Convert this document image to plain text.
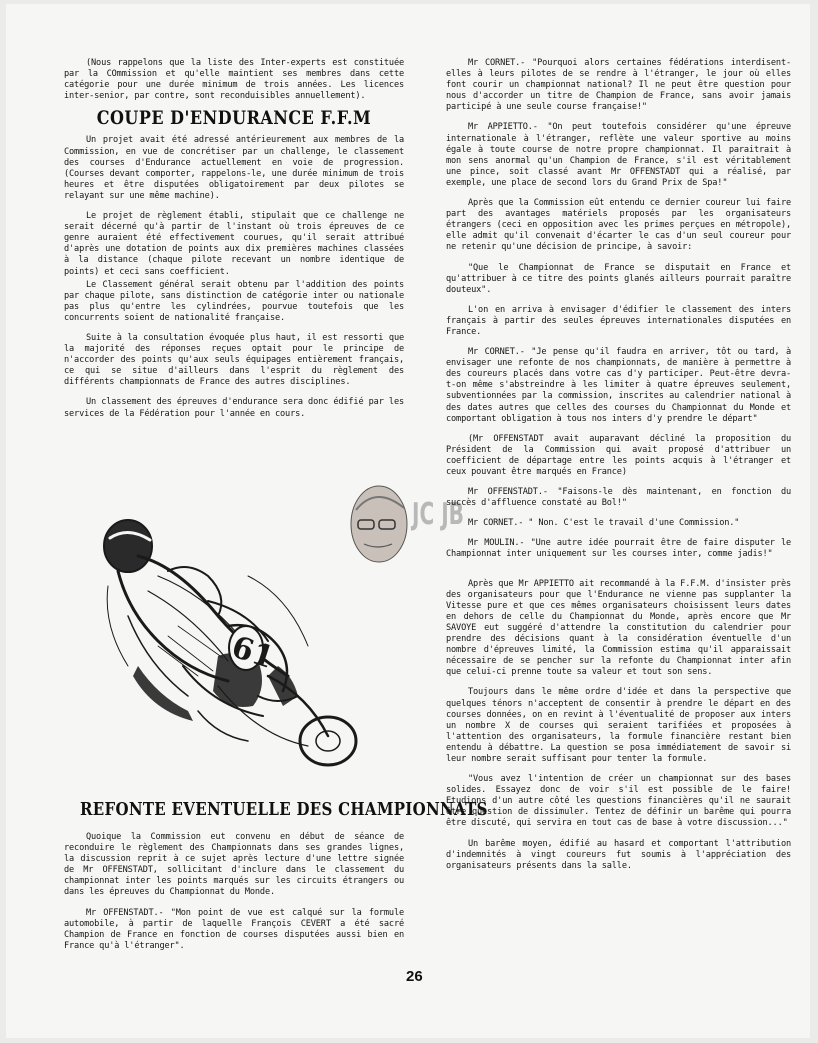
(Nous rappelons que la liste des Inter-experts est constituée par la COmmission et qu'elle maintient ses membres dans cette catégorie pour une durée minimum de trois années. Les licences inter-senior, par contre, sont reconduisibles annuellement).

COUPE D'ENDURANCE F.F.M

Un projet avait été adressé antérieurement aux membres de la Commission, en vue de concrétiser par un challenge, le classement des courses d'Endurance actuellement en voie de progression. (Courses devant comporter, rappelons-le, une durée minimum de trois heures et être disputées obligatoirement par deux pilotes se relayant sur une même machine).

Le projet de règlement établi, stipulait que ce challenge ne serait décerné qu'à partir de l'instant où trois épreuves de ce genre auraient été effectivement courues, qu'il serait attribué d'après une dotation de points aux dix premières machines classées à la distance (chaque pilote recevant un nombre identique de points) et ceci sans coefficient.

Le Classement général serait obtenu par l'addition des points par chaque pilote, sans distinction de catégorie inter ou nationale pas plus qu'entre les cylindrées, pourvue toutefois que les concurrents soient de nationalité française.

Suite à la consultation évoquée plus haut, il est ressorti que la majorité des réponses reçues optait pour le principe de n'accorder des points qu'aux seuls équipages entièrement français, ce qui se situe d'ailleurs dans l'esprit du règlement des différents championnats de France des autres disciplines.

Un classement des épreuves d'endurance sera donc édifié par les services de la Fédération pour l'année en cours.

61
JC JB
REFONTE EVENTUELLE DES CHAMPIONNATS

Quoique la Commission eut convenu en début de séance de reconduire le règlement des Championnats dans ses grandes lignes, la discussion reprit à ce sujet après lecture d'une lettre signée de Mr OFFENSTADT, sollicitant d'inclure dans le classement du championnat inter les points marqués sur les circuits étrangers ou dans les épreuves du Championnat du Monde.

Mr OFFENSTADT.- "Mon point de vue est calqué sur la formule automobile, à partir de laquelle François CEVERT a été sacré Champion de France en fonction de courses disputées aussi bien en France qu'à l'étranger".

Mr CORNET.- "Pourquoi alors certaines fédérations interdisent-elles à leurs pilotes de se rendre à l'étranger, le jour où elles font courir un championnat national? Il ne peut être question pour nous d'accorder un titre de Champion de France, sans avoir jamais participé à une seule course française!"

Mr APPIETTO.- "On peut toutefois considérer qu'une épreuve internationale à l'étranger, reflète une valeur sportive au moins égale à toute course de notre propre championnat. Il paraitrait à mon sens anormal qu'un Champion de France, s'il est véritablement une pince, soit classé avant Mr OFFENSTADT qui a réalisé, par exemple, une place de second lors du Grand Prix de Spa!"

Après que la Commission eût entendu ce dernier coureur lui faire part des avantages matériels proposés par les organisateurs étrangers (ceci en opposition avec les primes perçues en métropole), elle admit qu'il convenait d'écarter le cas d'un seul coureur pour ne retenir qu'une décision de principe, à savoir:

"Que le Championnat de France se disputait en France et qu'attribuer à ce titre des points glanés ailleurs pourrait paraître douteux".

L'on en arriva à envisager d'édifier le classement des inters français à partir des seules épreuves internationales disputées en France.

Mr CORNET.- "Je pense qu'il faudra en arriver, tôt ou tard, à envisager une refonte de nos championnats, de manière à permettre à des coureurs placés dans votre cas d'y participer. Peut-être devra-t-on même s'abstreindre à les limiter à quatre épreuves seulement, subventionnées par la commission, inscrites au calendrier national à des dates autres que celles des courses du Championnat du Monde et comportant obligation à tous nos inters d'y prendre le départ"

(Mr OFFENSTADT avait auparavant décliné la proposition du Président de la Commission qui avait proposé d'attribuer un coefficient de départage entre les points acquis à l'étranger et ceux pouvant être marqués en France)

Mr OFFENSTADT.- "Faisons-le dès maintenant, en fonction du succès d'affluence constaté au Bol!"

Mr CORNET.- " Non. C'est le travail d'une Commission."

Mr MOULIN.- "Une autre idée pourrait être de faire disputer le Championnat inter uniquement sur les courses inter, comme jadis!"

Après que Mr APPIETTO ait recommandé à la F.F.M. d'insister près des organisateurs pour que l'Endurance ne vienne pas supplanter la Vitesse pure et que ces mêmes organisateurs choisissent leurs dates en dehors de celle du Championnat du Monde, après encore que Mr SAVOYE eut suggéré d'attendre la constitution du calendrier pour prendre des décisions quant à la considération éventuelle d'un nombre d'épreuves limité, la Commission estima qu'il apparaissait nécessaire de se pencher sur la refonte du Championnat inter afin que celui-ci prenne toute sa valeur et tout son sens.

Toujours dans le même ordre d'idée et dans la perspective que quelques ténors n'acceptent de consentir à prendre le départ en des courses données, on en revint à l'éventualité de proposer aux inters un nombre X de courses qui seraient tarifiées et proposées à l'attention des organisateurs, la formule financière restant bien entendu à débattre. La question se posa immédiatement de savoir si leur nombre serait suffisant pour tenter la formule.

"Vous avez l'intention de créer un championnat sur des bases solides. Essayez donc de voir s'il est possible de le faire! Etudions d'un autre côté les questions financières qu'il ne saurait être question de dissimuler. Tentez de définir un barême qui pourra être discuté, qui servira en tout cas de base à votre discussion..."

Un barême moyen, édifié au hasard et comportant l'attribution d'indemnités à vingt coureurs fut soumis à l'appréciation des organisateurs présents dans la salle.

26
